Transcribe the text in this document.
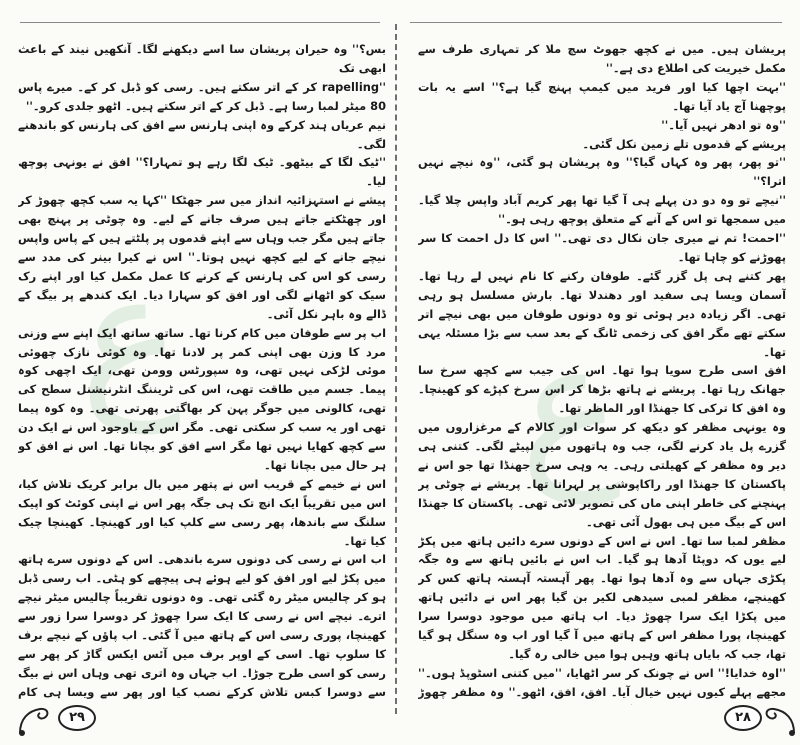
ع ع

بس؟'' وہ حیران پریشان سا اسے دیکھنے لگا۔ آنکھیں نیند کے باعث ابھی تک

''rapelling کر کے اتر سکتے ہیں۔ رسی کو ڈبل کر کے۔ میرے پاس 80 میٹر لمبا رسا ہے۔ ڈبل کر کے اتر سکتے ہیں۔ اٹھو جلدی کرو۔''

نیم عریاں ہند کرکے وہ اپنی ہارنس سے افق کی ہارنس کو باندھنے لگی۔

''ٹیک لگا کے بیٹھو۔ ٹیک لگا رہے ہو تمہارا؟'' افق نے یونہی پوچھ لیا۔

پیشے نے استہزائیہ انداز میں سر جھٹکا ''کہا یہ سب کچھ چھوڑ کر اور چھٹکتے جاتے ہیں صرف جانے کے لیے۔ وہ چوٹی پر پہنچ بھی جاتے ہیں مگر جب وہاں سے اپنے قدموں پر پلٹتے ہیں کے پاس واپس نیچے جانے کے لیے کچھ نہیں ہوتا۔'' اس نے کیرا بینر کی مدد سے رسی کو اس کی ہارنس کے کرنے کا عمل مکمل کیا اور اپنے رک سیک کو اٹھانے لگی اور افق کو سہارا دیا۔ ایک کندھے پر بیگ کے ڈالے وہ باہر نکل آئی۔

اب پر سے طوفان میں کام کرنا تھا۔ ساتھ ساتھ ایک اپنے سے وزنی مرد کا وزن بھی اپنی کمر پر لادنا تھا۔ وہ کوئی نازک چھوئی موئی لڑکی نہیں تھی، وہ سپورٹس وومن تھی، ایک اچھی کوہ پیما۔ جسم میں طاقت تھی، اس کی ٹریننگ انٹرنیشنل سطح کی تھی، کالونی میں جوگر پہن کر بھاگتی پھرتی تھی۔ وہ کوہ پیما تھی اور یہ سب کر سکتی تھی۔ مگر اس کے باوجود اس نے ایک دن سے کچھ کھایا نہیں تھا مگر اسے افق کو بچانا تھا۔ اس نے افق کو ہر حال میں بچانا تھا۔

اس نے خیمے کے قریب اس نے پتھر میں بال برابر کریک تلاش کیا، اس میں تقریباً ایک انچ تک ہی جگہ پھر اس نے اپنی کوئٹ کو اپیک سلنگ سے باندھا، پھر رسی سے کلپ کیا اور کھینچا۔ کھینچا چیک کیا تھا۔

اب اس نے رسی کی دونوں سرے باندھی۔ اس کے دونوں سرے ہاتھ میں پکڑ لیے اور افق کو لیے ہوئے ہی پیچھے کو ہٹی۔ اب رسی ڈبل ہو کر چالیس میٹر رہ گئی تھی۔ وہ دونوں تقریباً چالیس میٹر نیچے اترے۔ نیچے اس نے رسی کا ایک سرا چھوڑ کر دوسرا سرا زور سے کھینچا، پوری رسی اس کے ہاتھ میں آ گئی۔ اب پاؤں کے نیچے برف کا سلوپ تھا۔ اسی کے اوپر برف میں آئس ایکس گاڑ کر پھر سے رسی کو اسی طرح جوڑا۔ اب جہاں وہ اتری تھی وہاں اس نے بیگ سے دوسرا کبس تلاش کرکے نصب کیا اور پھر سے ویسا ہی کام

پریشان ہیں۔ میں نے کچھ جھوٹ سچ ملا کر تمہاری طرف سے مکمل خیریت کی اطلاع دی ہے۔''

''بہت اچھا کیا اور فرید میں کیمپ پہنچ گیا ہے؟'' اسے یہ بات پوچھنا آج یاد آیا تھا۔

''وہ تو ادھر نہیں آیا۔''

پریشے کے قدموں تلے زمین نکل گئی۔

''تو پھر، پھر وہ کہاں گیا؟'' وہ پریشان ہو گئی، ''وہ نیچے نہیں اترا؟''

''نیچے تو وہ دو دن پہلے ہی آ گیا تھا پھر کریم آباد واپس چلا گیا۔ میں سمجھا تو اس کے آنے کے متعلق پوچھ رہی ہو۔''

''احمت! تم نے میری جان نکال دی تھی۔'' اس کا دل احمت کا سر پھوڑنے کو چاہا تھا۔

پھر کتنے ہی پل گزر گئے۔ طوفان رکنے کا نام نہیں لے رہا تھا۔ آسمان ویسا ہی سفید اور دھندلا تھا۔ بارش مسلسل ہو رہی تھی۔ اگر زیادہ دیر ہوئی تو وہ دونوں طوفان میں بھی نیچے اتر سکتے تھے مگر افق کی زخمی ٹانگ کے بعد سب سے بڑا مسئلہ یہی تھا۔

افق اسی طرح سویا ہوا تھا۔ اس کی جیب سے کچھ سرخ سا جھانک رہا تھا۔ پریشے نے ہاتھ بڑھا کر اس سرخ کپڑے کو کھینچا۔ وہ افق کا ترکی کا جھنڈا اور الماظر تھا۔

وہ یونہی مظفر کو دیکھ کر سوات اور کالام کے مرغزاروں میں گزرے پل یاد کرنے لگی، جب وہ ہاتھوں میں لپیٹے لگی۔ کتنی ہی دیر وہ مظفر کے کھیلتی رہی۔ یہ وہی سرخ جھنڈا تھا جو اس نے پاکستان کا جھنڈا اور راکاپوشی پر لہرانا تھا۔ پریشے نے چوٹی پر پہنچنے کی خاطر اپنی ماں کی تصویر لائی تھی۔ پاکستان کا جھنڈا اس کے بیگ میں ہی بھول آئی تھی۔

مظفر لمبا سا تھا۔ اس نے اس کے دونوں سرے دائیں ہاتھ میں پکڑ لیے یوں کہ دوپٹا آدھا ہو گیا۔ اب اس نے بائیں ہاتھ سے وہ جگہ پکڑی جہاں سے وہ آدھا ہوا تھا۔ پھر آہستہ آہستہ ہاتھ کس کر کھینچے، مظفر لمبی سیدھی لکیر بن گیا پھر اس نے دائیں ہاتھ میں پکڑا ایک سرا چھوڑ دیا۔ اب ہاتھ میں موجود دوسرا سرا کھینچا، پورا مظفر اس کے ہاتھ میں آ گیا اور اب وہ سنگل ہو گیا تھا، جب کہ بایاں ہاتھ وہیں ہوا میں خالی رہ گیا۔

''اوہ خدایا!'' اس نے چونک کر سر اٹھایا، ''میں کتنی اسٹوپڈ ہوں۔'' مجھے پہلے کیوں نہیں خیال آیا۔ افق، افق، اٹھو۔'' وہ مظفر چھوڑ

۲۹	۲۸
